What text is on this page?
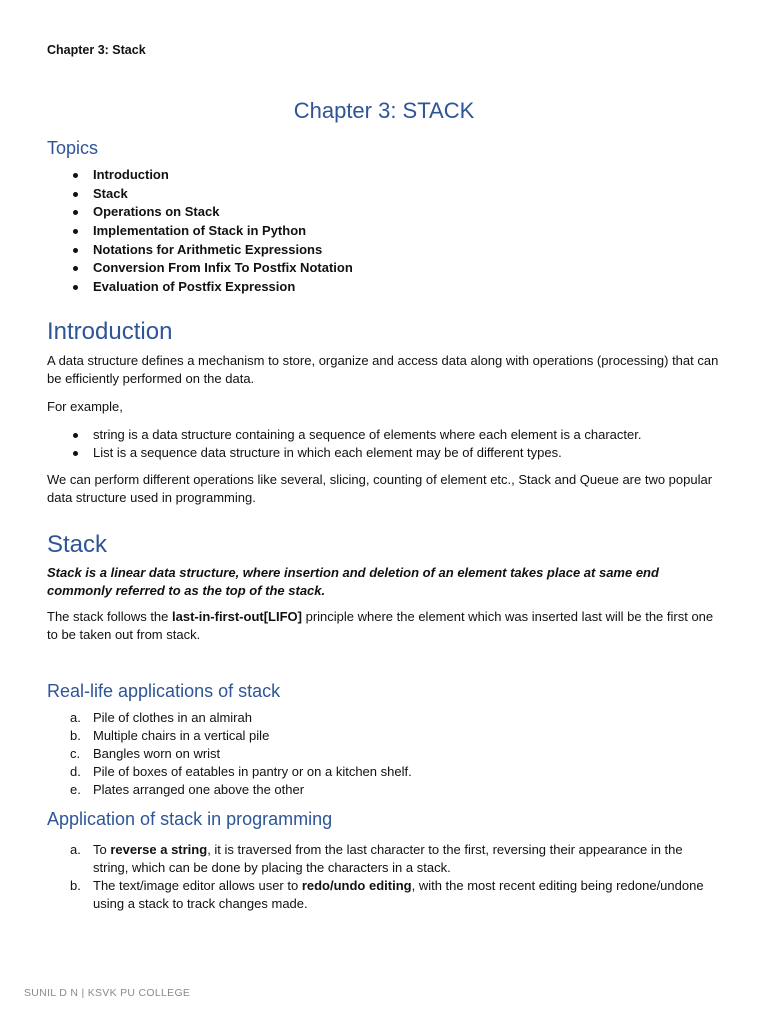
Chapter 3: Stack
Chapter 3: STACK
Topics
Introduction
Stack
Operations on Stack
Implementation of Stack in Python
Notations for Arithmetic Expressions
Conversion From Infix To Postfix Notation
Evaluation of Postfix Expression
Introduction

A data structure defines a mechanism to store, organize and access data along with operations (processing) that can be efficiently performed on the data.

For example,

string is a data structure containing a sequence of elements where each element is a character.
List is a sequence data structure in which each element may be of different types.

We can perform different operations like several, slicing, counting of element etc., Stack and Queue are two popular data structure used in programming.

Stack

Stack is a linear data structure, where insertion and deletion of an element takes place at same end commonly referred to as the top of the stack.

The stack follows the last-in-first-out[LIFO] principle where the element which was inserted last will be the first one to be taken out from stack.

Real-life applications of stack
a. Pile of clothes in an almirah
b. Multiple chairs in a vertical pile
c. Bangles worn on wrist
d. Pile of boxes of eatables in pantry or on a kitchen shelf.
e. Plates arranged one above the other
Application of stack in programming
a. To reverse a string, it is traversed from the last character to the first, reversing their appearance in the string, which can be done by placing the characters in a stack.
b. The text/image editor allows user to redo/undo editing, with the most recent editing being redone/undone using a stack to track changes made.
SUNIL D N | KSVK PU COLLEGE
